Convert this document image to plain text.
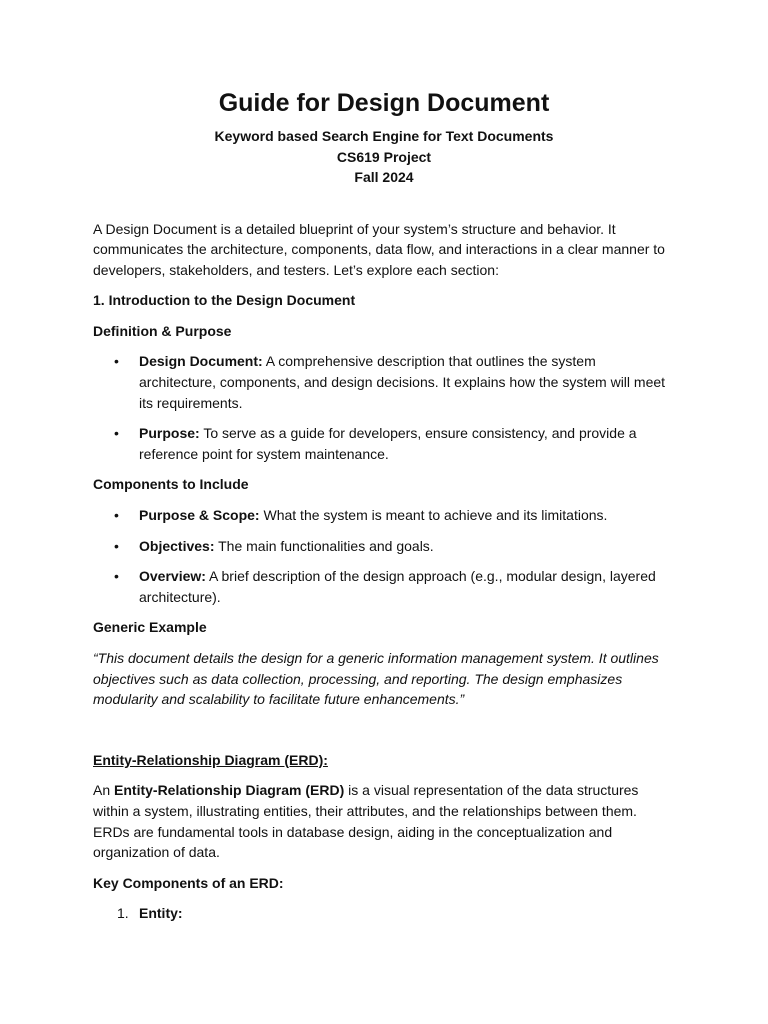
Guide for Design Document

Keyword based Search Engine for Text Documents

CS619 Project

Fall 2024

A Design Document is a detailed blueprint of your system’s structure and behavior. It communicates the architecture, components, data flow, and interactions in a clear manner to developers, stakeholders, and testers. Let’s explore each section:

1. Introduction to the Design Document

Definition & Purpose

• Design Document: A comprehensive description that outlines the system architecture, components, and design decisions. It explains how the system will meet its requirements.
• Purpose: To serve as a guide for developers, ensure consistency, and provide a reference point for system maintenance.

Components to Include

• Purpose & Scope: What the system is meant to achieve and its limitations.
• Objectives: The main functionalities and goals.
• Overview: A brief description of the design approach (e.g., modular design, layered architecture).

Generic Example

“This document details the design for a generic information management system. It outlines objectives such as data collection, processing, and reporting. The design emphasizes modularity and scalability to facilitate future enhancements.”

Entity-Relationship Diagram (ERD):

An Entity-Relationship Diagram (ERD) is a visual representation of the data structures within a system, illustrating entities, their attributes, and the relationships between them. ERDs are fundamental tools in database design, aiding in the conceptualization and organization of data.

Key Components of an ERD:

1. Entity:
